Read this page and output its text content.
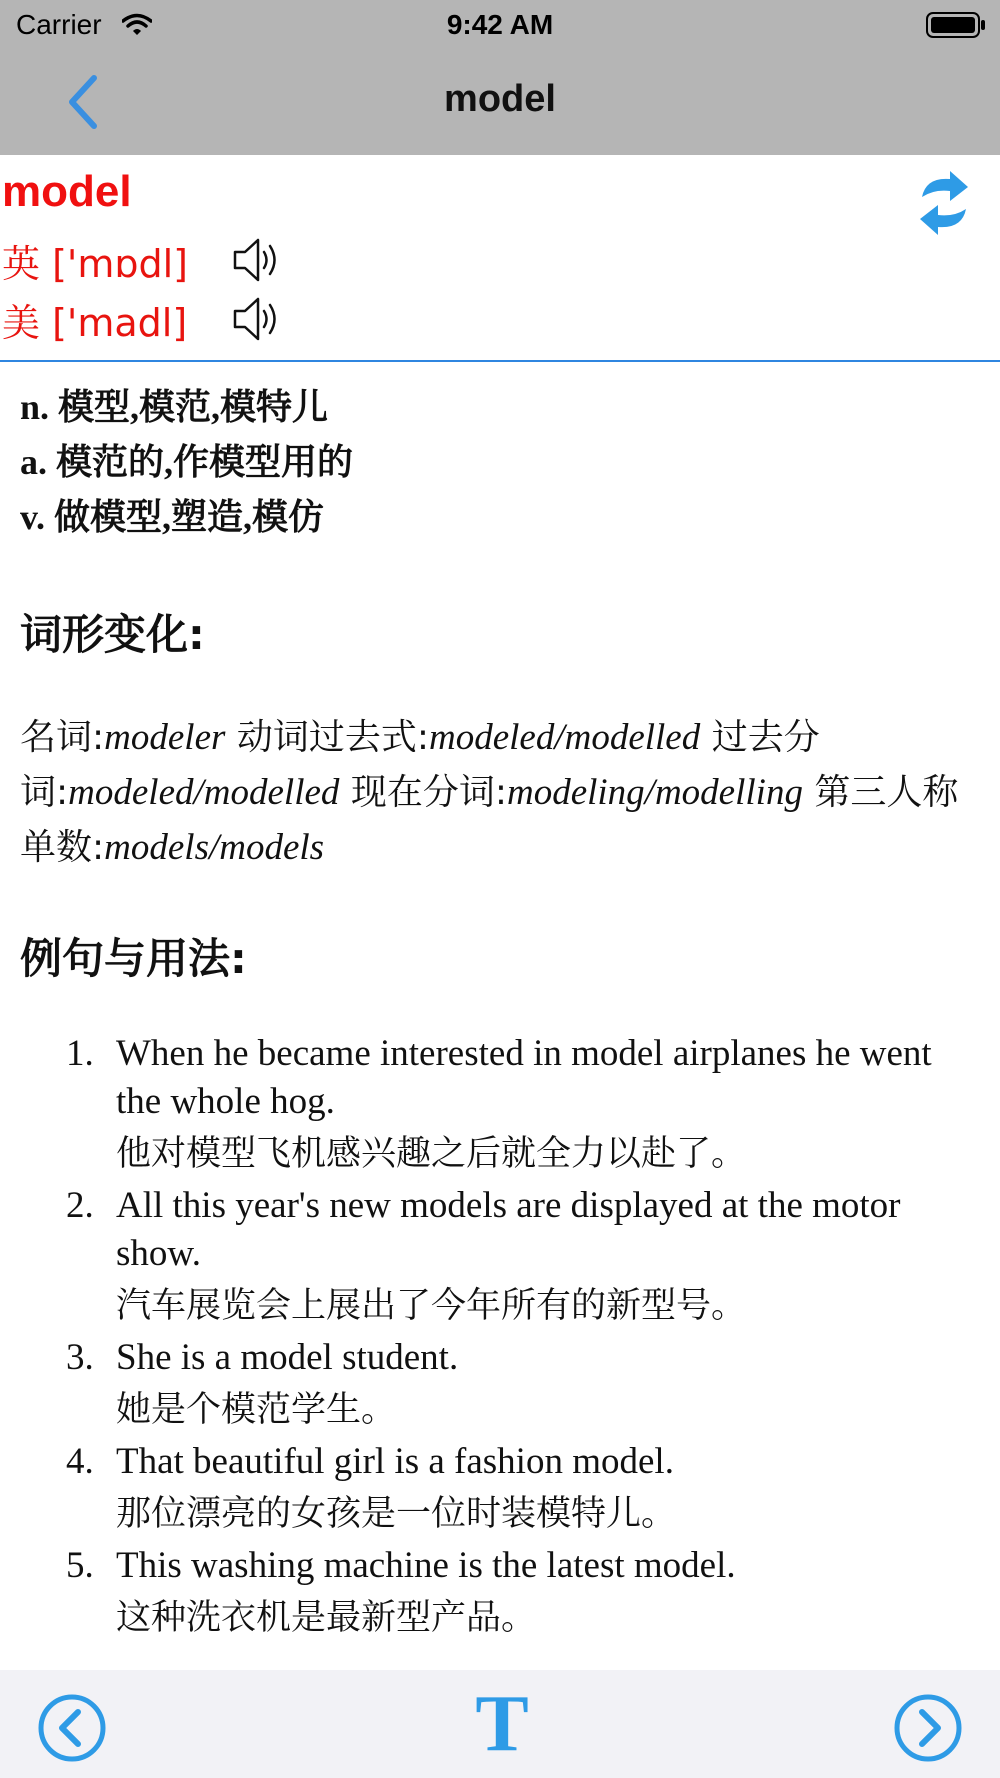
Carrier	9:42 AM
model
model
英 ['mɒdl]
美 ['madl]

n. 模型,模范,模特儿

a. 模范的,作模型用的

v. 做模型,塑造,模仿

词形变化:
名词:modeler 动词过去式:modeled/modelled 过去分词:modeled/modelled 现在分词:modeling/modelling 第三人称单数:models/models
例句与用法:
1. When he became interested in model airplanes he went the whole hog.
他对模型飞机感兴趣之后就全力以赴了。
2. All this year's new models are displayed at the motor show.
汽车展览会上展出了今年所有的新型号。
3. She is a model student.
她是个模范学生。
4. That beautiful girl is a fashion model.
那位漂亮的女孩是一位时装模特儿。
5. This washing machine is the latest model.
这种洗衣机是最新型产品。
T
